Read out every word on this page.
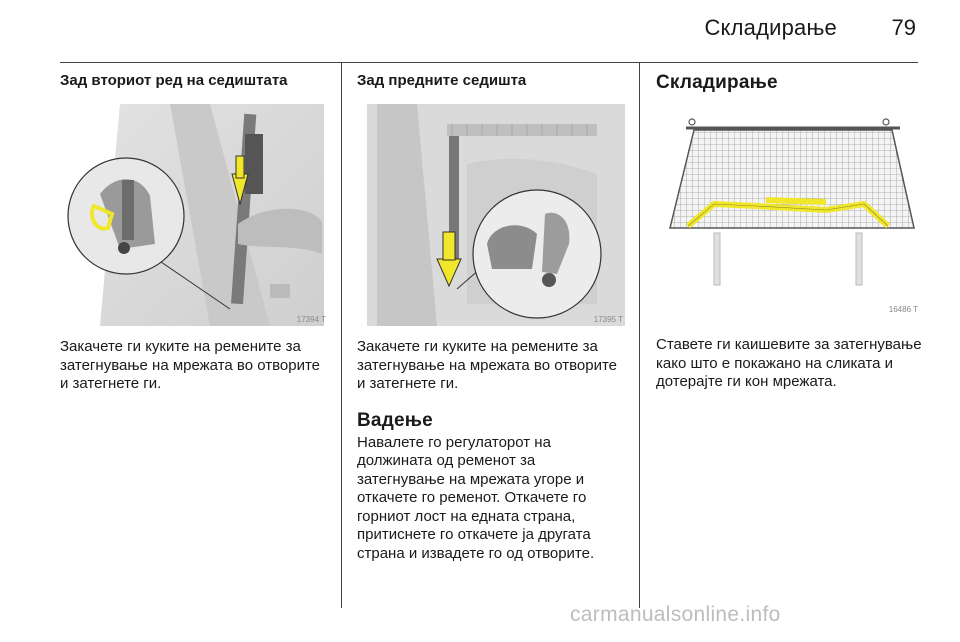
Складирање 79
Зад вториот ред на седиштата
17394 T

Закачете ги куките на ремените за затегнување на мрежата во отворите и затегнете ги.

Зад предните седишта
17395 T

Закачете ги куките на ремените за затегнување на мрежата во отворите и затегнете ги.

Вадење

Навалете го регулаторот на должината од ременот за затегнување на мрежата угоре и откачете го ременот. Откачете го горниот лост на едната страна, притиснете го откачете ја другата страна и извадете го од отворите.

Складирање
16486 T

Ставете ги каишевите за затегнување како што е покажано на сликата и дотерајте ги кон мрежата.

carmanualsonline.info
